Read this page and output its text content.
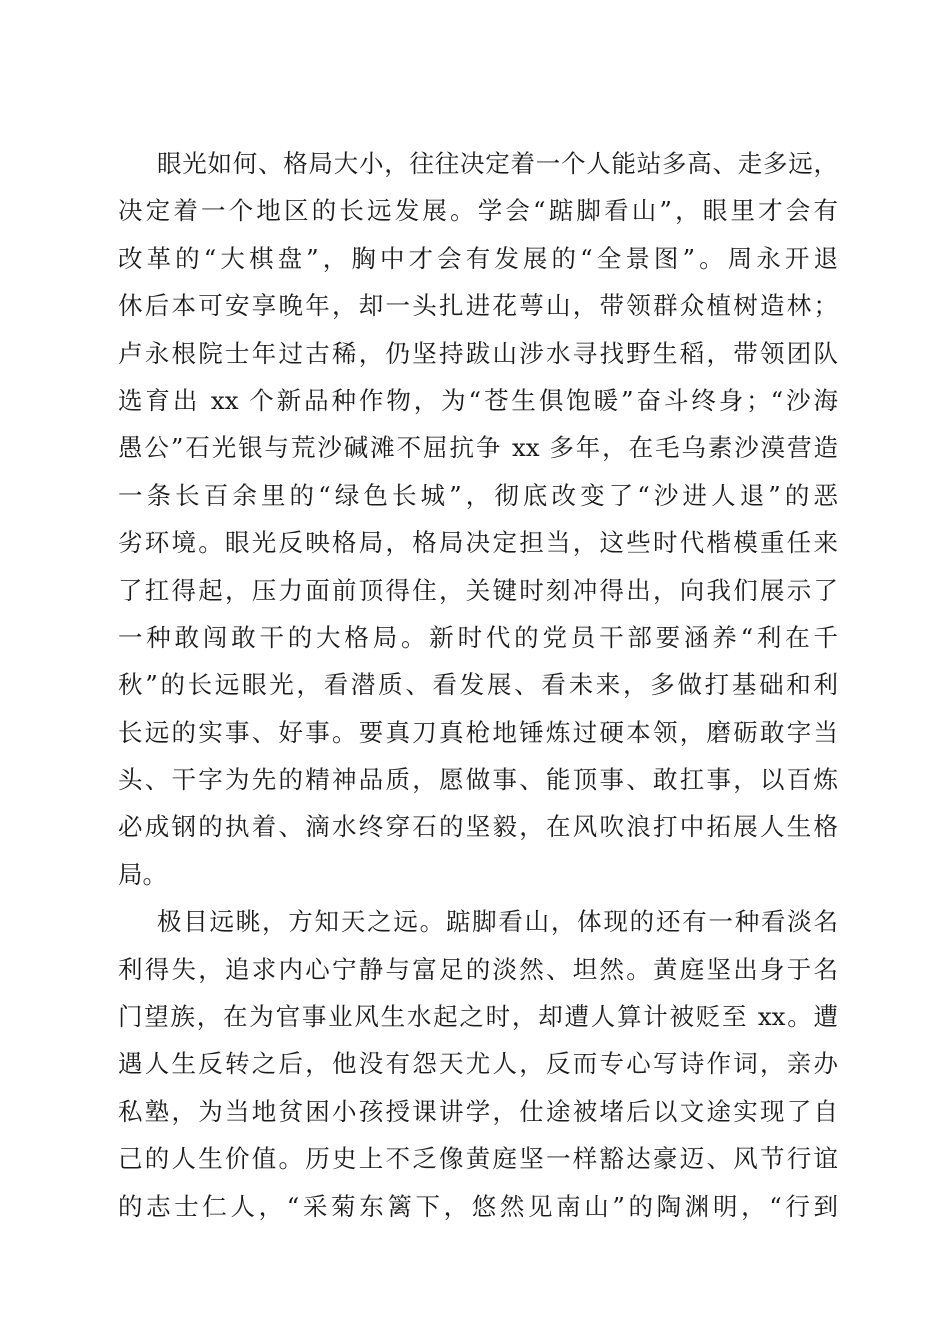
眼光如何、格局大小，往往决定着一个人能站多高、走多远，
决定着一个地区的长远发展。学会“踮脚看山”，眼里才会有
改革的“大棋盘”，胸中才会有发展的“全景图”。周永开退
休后本可安享晚年，却一头扎进花萼山，带领群众植树造林；
卢永根院士年过古稀，仍坚持跋山涉水寻找野生稻，带领团队
选育出 xx 个新品种作物，为“苍生俱饱暖”奋斗终身；“沙海
愚公”石光银与荒沙碱滩不屈抗争 xx 多年，在毛乌素沙漠营造
一条长百余里的“绿色长城”，彻底改变了“沙进人退”的恶
劣环境。眼光反映格局，格局决定担当，这些时代楷模重任来
了扛得起，压力面前顶得住，关键时刻冲得出，向我们展示了
一种敢闯敢干的大格局。新时代的党员干部要涵养“利在千
秋”的长远眼光，看潜质、看发展、看未来，多做打基础和利
长远的实事、好事。要真刀真枪地锤炼过硬本领，磨砺敢字当
头、干字为先的精神品质，愿做事、能顶事、敢扛事，以百炼
必成钢的执着、滴水终穿石的坚毅，在风吹浪打中拓展人生格
局。
极目远眺，方知天之远。踮脚看山，体现的还有一种看淡名
利得失，追求内心宁静与富足的淡然、坦然。黄庭坚出身于名
门望族，在为官事业风生水起之时，却遭人算计被贬至 xx。遭
遇人生反转之后，他没有怨天尤人，反而专心写诗作词，亲办
私塾，为当地贫困小孩授课讲学，仕途被堵后以文途实现了自
己的人生价值。历史上不乏像黄庭坚一样豁达豪迈、风节行谊
的志士仁人，“采菊东篱下，悠然见南山”的陶渊明，“行到
